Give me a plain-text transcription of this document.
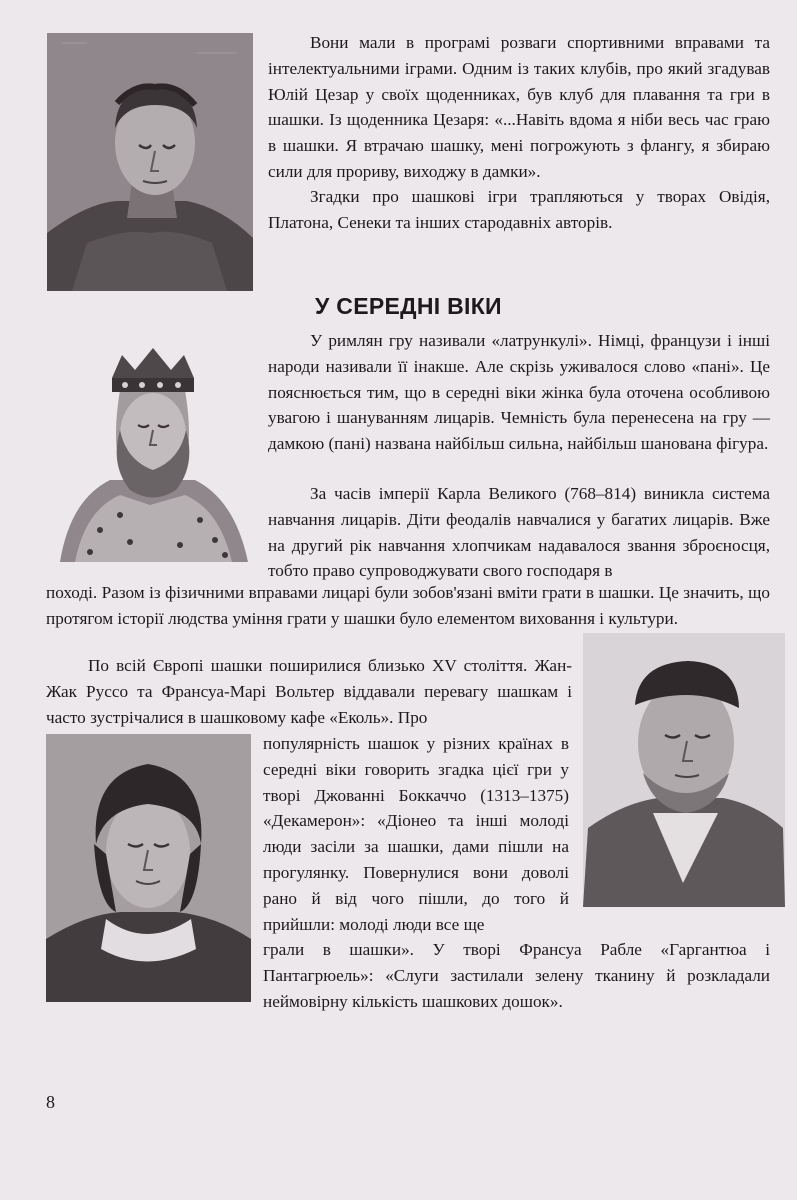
Вони мали в програмі розваги спортивними вправами та інтелектуальними іграми. Одним із таких клубів, про який згадував Юлій Цезар у своїх щоденниках, був клуб для плавання та гри в шашки. Із щоденника Цезаря: «...Навіть вдома я ніби весь час граю в шашки. Я втрачаю шашку, мені погрожують з флангу, я збираю сили для прориву, виходжу в дамки».

Згадки про шашкові ігри трапляються у творах Овідія, Платона, Сенеки та інших стародавніх авторів.

У СЕРЕДНІ ВІКИ

У римлян гру називали «латрункулі». Німці, французи і інші народи називали її інакше. Але скрізь уживалося слово «пані». Це пояснюється тим, що в середні віки жінка була оточена особливою увагою і шануванням лицарів. Чемність була перенесена на гру — дамкою (пані) названа найбільш сильна, найбільш шанована фігура.

За часів імперії Карла Великого (768–814) виникла система навчання лицарів. Діти феодалів навчалися у багатих лицарів. Вже на другий рік навчання хлопчикам надавалося звання зброєносця, тобто право супроводжувати свого господаря в

поході. Разом із фізичними вправами лицарі були зобов'язані вміти грати в шашки. Це значить, що протягом історії людства уміння грати у шашки було елементом виховання і культури.

По всій Європі шашки поширилися близько XV століття. Жан-Жак Руссо та Франсуа-Марі Вольтер віддавали перевагу шашкам і часто зустрічалися в шашковому кафе «Еколь». Про

популярність шашок у різних країнах в середні віки говорить згадка цієї гри у творі Джованні Боккаччо (1313–1375) «Декамерон»: «Діонео та інші молоді люди засіли за шашки, дами пішли на прогулянку. Повернулися вони доволі рано й від чого пішли, до того й прийшли: молоді люди все ще

грали в шашки». У творі Франсуа Рабле «Гаргантюа і Пантагрюель»: «Слуги застилали зелену тканину й розкладали неймовірну кількість шашкових дошок».

8
